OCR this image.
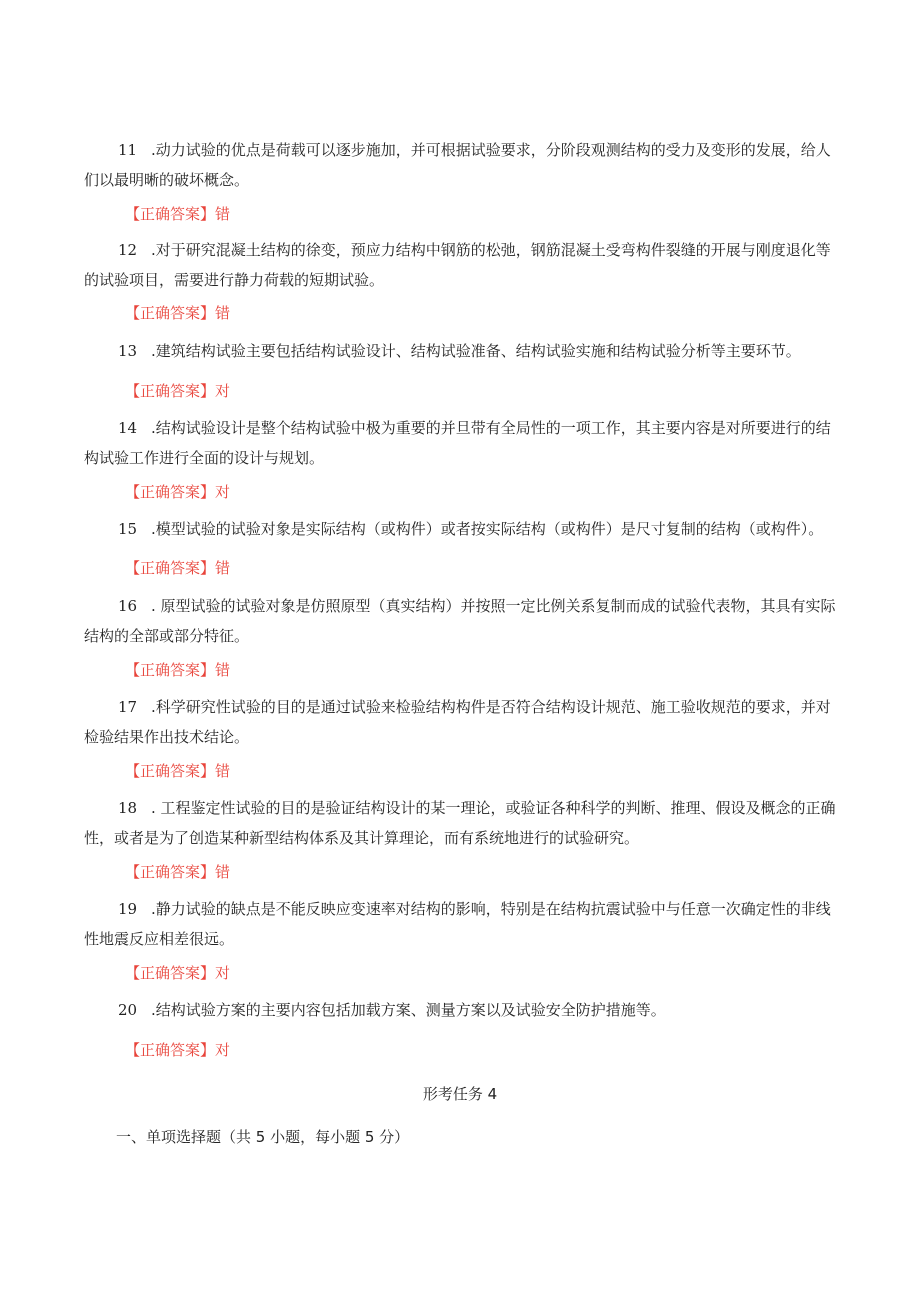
11 .动力试验的优点是荷载可以逐步施加，并可根据试验要求，分阶段观测结构的受力及变形的发展，给人们以最明晰的破坏概念。
【正确答案】错
12 .对于研究混凝土结构的徐变，预应力结构中钢筋的松弛，钢筋混凝土受弯构件裂缝的开展与刚度退化等的试验项目，需要进行静力荷载的短期试验。
【正确答案】错
13 .建筑结构试验主要包括结构试验设计、结构试验准备、结构试验实施和结构试验分析等主要环节。
【正确答案】对
14 .结构试验设计是整个结构试验中极为重要的并旦带有全局性的一项工作，其主要内容是对所要进行的结构试验工作进行全面的设计与规划。
【正确答案】对
15 .模型试验的试验对象是实际结构（或构件）或者按实际结构（或构件）是尺寸复制的结构（或构件）。
【正确答案】错
16 . 原型试验的试验对象是仿照原型（真实结构）并按照一定比例关系复制而成的试验代表物，其具有实际结构的全部或部分特征。
【正确答案】错
17 .科学研究性试验的目的是通过试验来检验结构构件是否符合结构设计规范、施工验收规范的要求，并对检验结果作出技术结论。
【正确答案】错
18 . 工程鉴定性试验的目的是验证结构设计的某一理论，或验证各种科学的判断、推理、假设及概念的正确性，或者是为了创造某种新型结构体系及其计算理论，而有系统地进行的试验研究。
【正确答案】错
19 .静力试验的缺点是不能反映应变速率对结构的影响，特别是在结构抗震试验中与任意一次确定性的非线性地震反应相差很远。
【正确答案】对
20 .结构试验方案的主要内容包括加载方案、测量方案以及试验安全防护措施等。
【正确答案】对
形考任务 4
一、单项选择题（共 5 小题，每小题 5 分）
